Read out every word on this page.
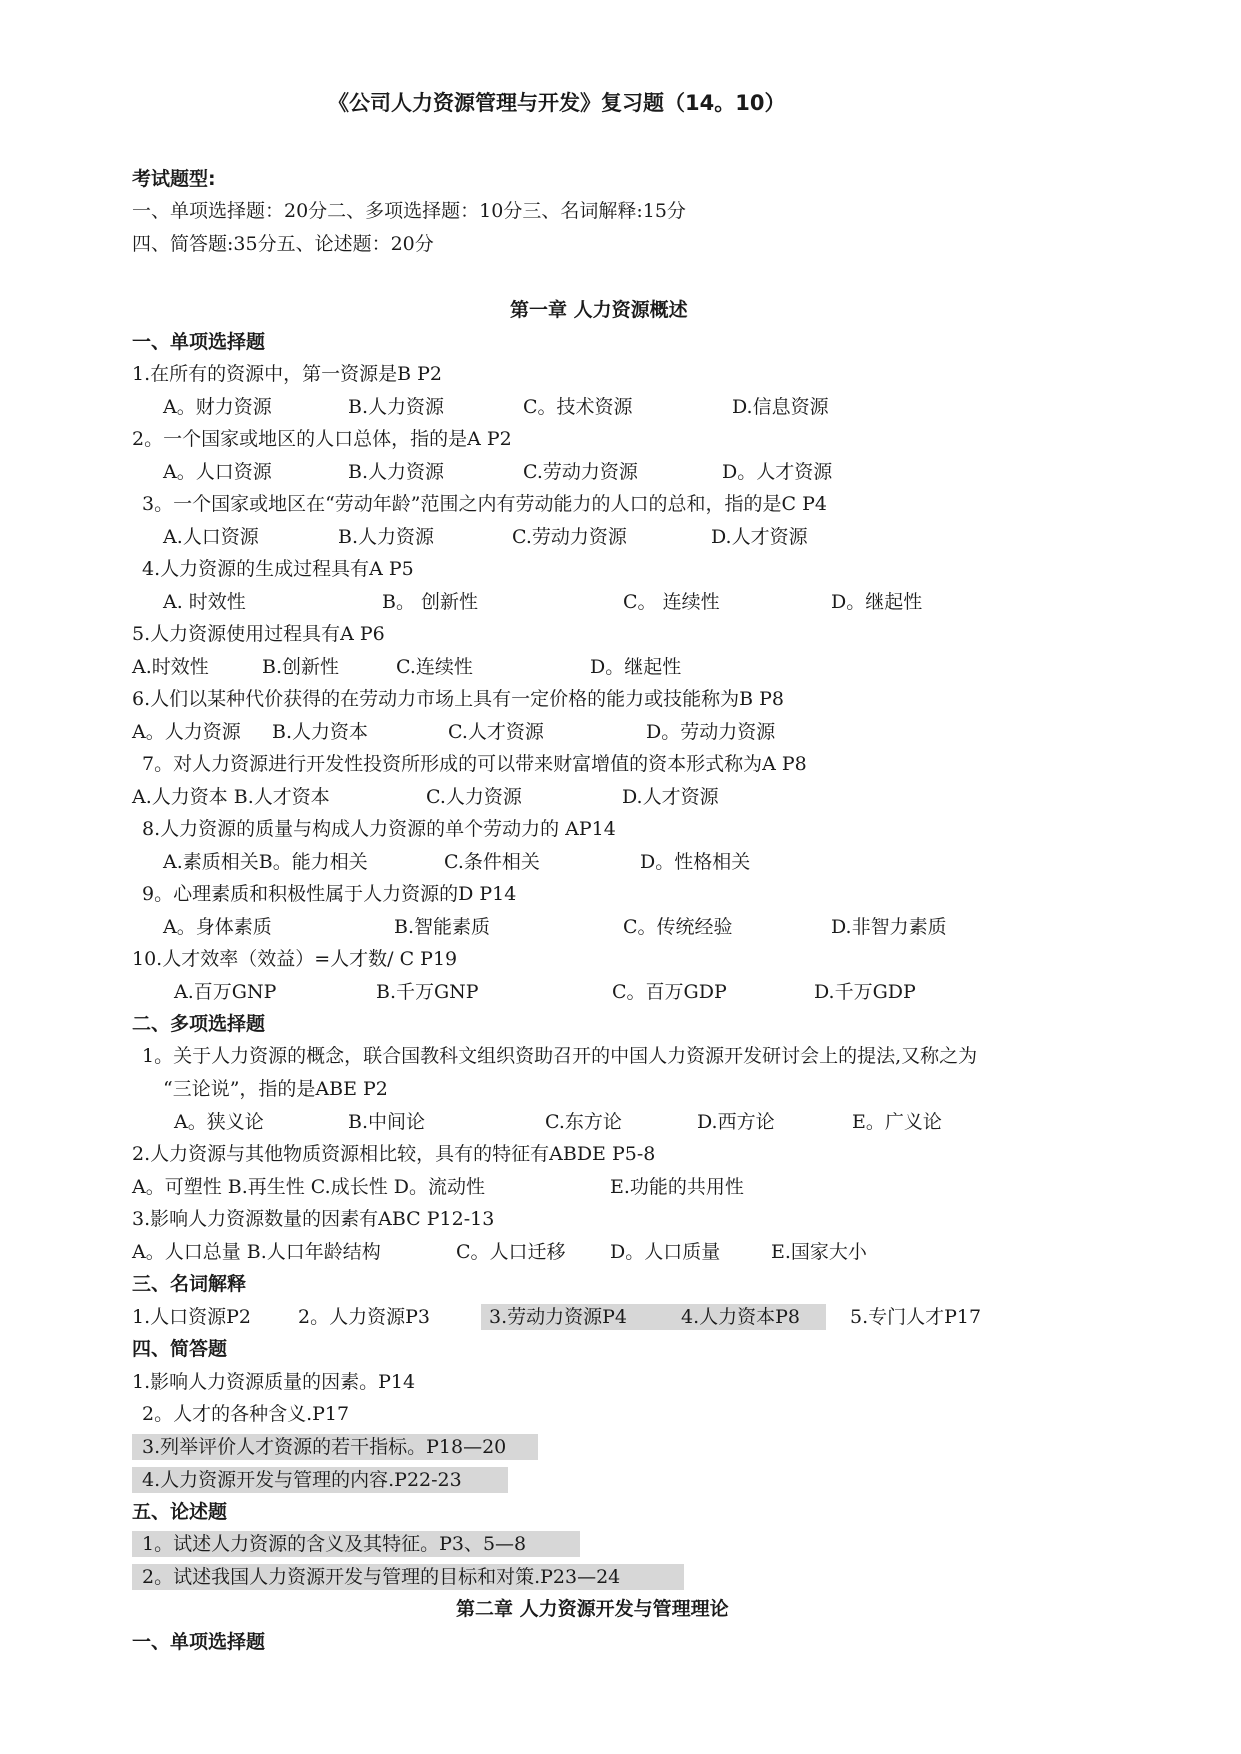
《公司人力资源管理与开发》复习题（14。10）
考试题型:
一、单项选择题：20分二、多项选择题：10分三、名词解释:15分
四、简答题:35分五、论述题：20分
第一章 人力资源概述
一、单项选择题
1.在所有的资源中，第一资源是B P2
A。财力资源	B.人力资源	C。技术资源	D.信息资源
2。一个国家或地区的人口总体，指的是A P2
A。人口资源	B.人力资源	C.劳动力资源	D。人才资源
3。一个国家或地区在“劳动年龄”范围之内有劳动能力的人口的总和，指的是C P4
A.人口资源	B.人力资源	C.劳动力资源	D.人才资源
4.人力资源的生成过程具有A P5
A. 时效性	B。 创新性	C。 连续性	D。继起性
5.人力资源使用过程具有A P6
A.时效性	B.创新性	C.连续性	D。继起性
6.人们以某种代价获得的在劳动力市场上具有一定价格的能力或技能称为B P8
A。人力资源 B.人力资本	C.人才资源	D。劳动力资源
7。对人力资源进行开发性投资所形成的可以带来财富增值的资本形式称为A P8
A.人力资本 B.人才资本	C.人力资源	D.人才资源
8.人力资源的质量与构成人力资源的单个劳动力的 AP14
A.素质相关B。能力相关	C.条件相关	D。性格相关
9。心理素质和积极性属于人力资源的D P14
A。身体素质	B.智能素质	C。传统经验	D.非智力素质
10.人才效率（效益）=人才数/ C P19
A.百万GNP	B.千万GNP	C。百万GDP	D.千万GDP
二、多项选择题
1。关于人力资源的概念，联合国教科文组织资助召开的中国人力资源开发研讨会上的提法,又称之为
“三论说”，指的是ABE P2
A。狭义论	B.中间论	C.东方论	D.西方论	E。广义论
2.人力资源与其他物质资源相比较，具有的特征有ABDE P5-8
A。可塑性 B.再生性 C.成长性 D。流动性	E.功能的共用性
3.影响人力资源数量的因素有ABC P12-13
A。人口总量 B.人口年龄结构	C。人口迁移 D。人口质量	E.国家大小
三、名词解释
1.人口资源P2 2。人力资源P3	3.劳动力资源P4	4.人力资本P8	5.专门人才P17
四、简答题
1.影响人力资源质量的因素。P14
2。人才的各种含义.P17
3.列举评价人才资源的若干指标。P18—20
4.人力资源开发与管理的内容.P22-23
五、论述题
1。试述人力资源的含义及其特征。P3、5—8
2。试述我国人力资源开发与管理的目标和对策.P23—24
第二章 人力资源开发与管理理论
一、单项选择题
